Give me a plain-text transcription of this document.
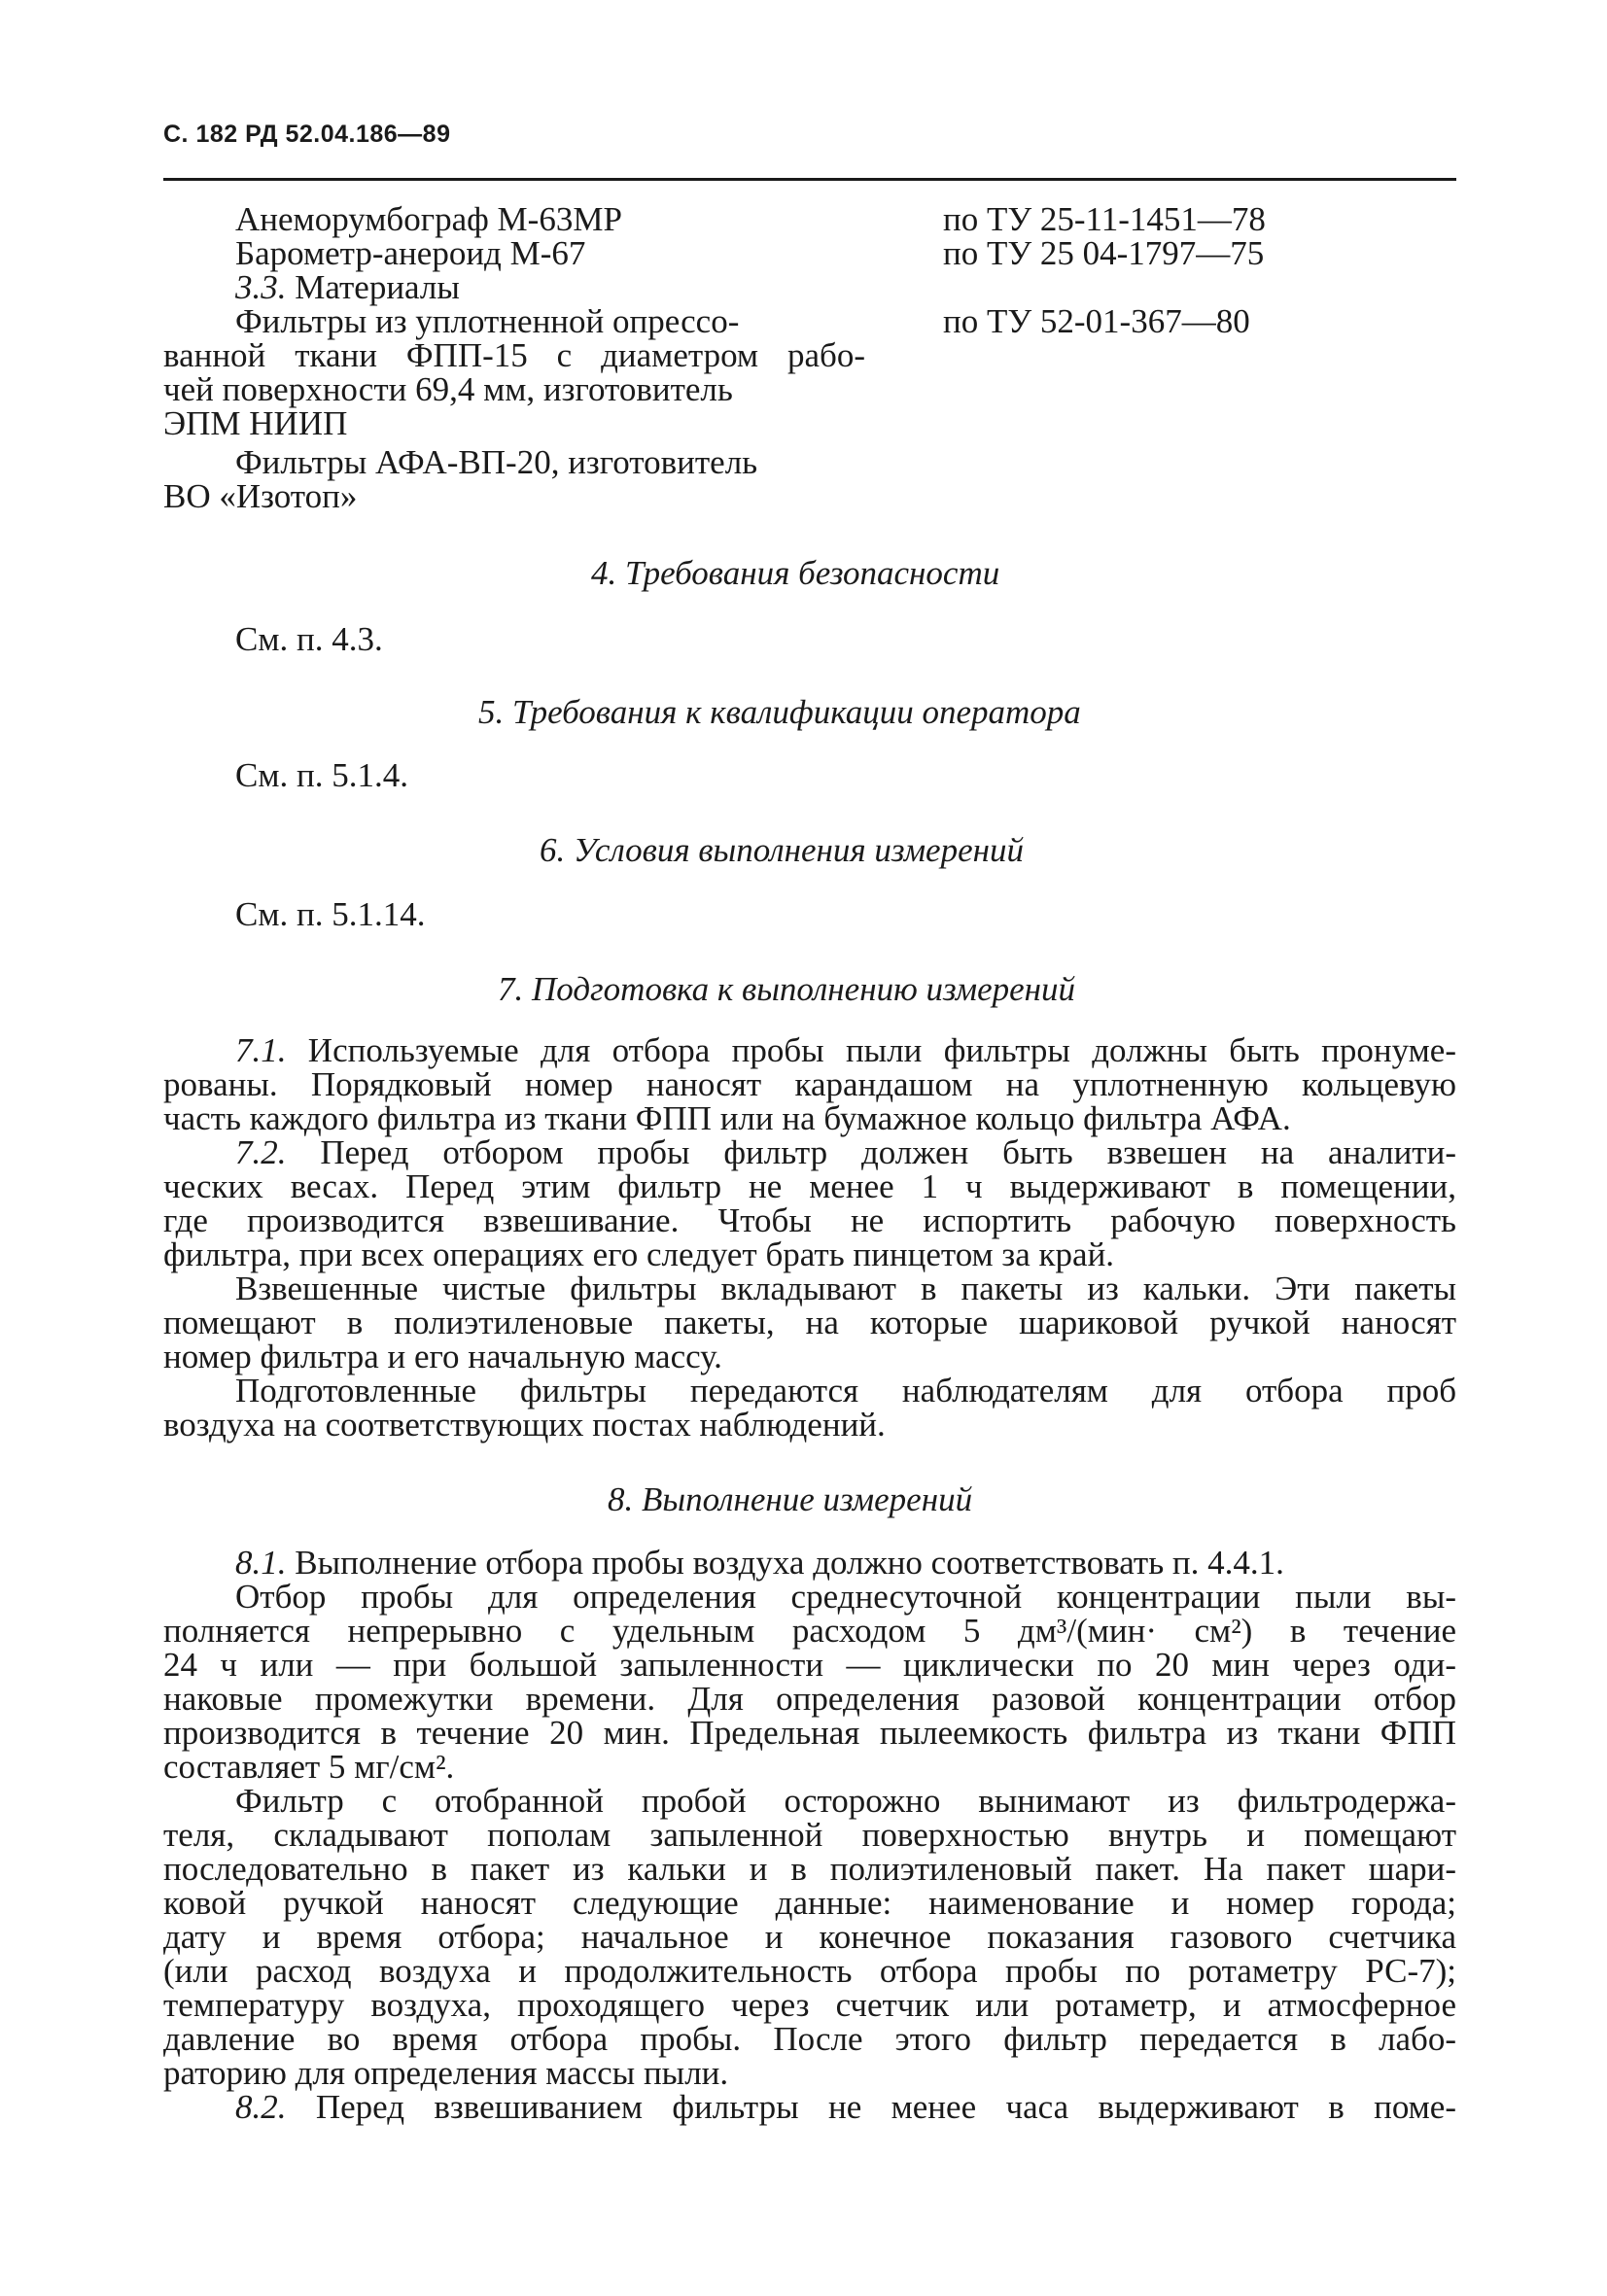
С. 182 РД 52.04.186—89
Анеморумбограф М-63МР	по ТУ 25-11-1451—78
Барометр-анероид М-67	по ТУ 25 04-1797—75
3.3. Материалы
Фильтры из уплотненной опрессо-	по ТУ 52-01-367—80
ванной ткани ФПП-15 с диаметром рабо-
чей поверхности 69,4 мм, изготовитель
ЭПМ НИИП
Фильтры АФА-ВП-20, изготовитель
ВО «Изотоп»
4. Требования безопасности
См. п. 4.3.
5. Требования к квалификации оператора
См. п. 5.1.4.
6. Условия выполнения измерений
См. п. 5.1.14.
7. Подготовка к выполнению измерений
7.1. Используемые для отбора пробы пыли фильтры должны быть пронуме-
рованы. Порядковый номер наносят карандашом на уплотненную кольцевую
часть каждого фильтра из ткани ФПП или на бумажное кольцо фильтра АФА.
7.2. Перед отбором пробы фильтр должен быть взвешен на аналити-
ческих весах. Перед этим фильтр не менее 1 ч выдерживают в помещении,
где производится взвешивание. Чтобы не испортить рабочую поверхность
фильтра, при всех операциях его следует брать пинцетом за край.
Взвешенные чистые фильтры вкладывают в пакеты из кальки. Эти пакеты
помещают в полиэтиленовые пакеты, на которые шариковой ручкой наносят
номер фильтра и его начальную массу.
Подготовленные фильтры передаются наблюдателям для отбора проб
воздуха на соответствующих постах наблюдений.
8. Выполнение измерений
8.1. Выполнение отбора пробы воздуха должно соответствовать п. 4.4.1.
Отбор пробы для определения среднесуточной концентрации пыли вы-
полняется непрерывно с удельным расходом 5 дм³/(мин· см²) в течение
24 ч или — при большой запыленности — циклически по 20 мин через оди-
наковые промежутки времени. Для определения разовой концентрации отбор
производится в течение 20 мин. Предельная пылеемкость фильтра из ткани ФПП
составляет 5 мг/см².
Фильтр с отобранной пробой осторожно вынимают из фильтродержа-
теля, складывают пополам запыленной поверхностью внутрь и помещают
последовательно в пакет из кальки и в полиэтиленовый пакет. На пакет шари-
ковой ручкой наносят следующие данные: наименование и номер города;
дату и время отбора; начальное и конечное показания газового счетчика
(или расход воздуха и продолжительность отбора пробы по ротаметру РС-7);
температуру воздуха, проходящего через счетчик или ротаметр, и атмосферное
давление во время отбора пробы. После этого фильтр передается в лабо-
раторию для определения массы пыли.
8.2. Перед взвешиванием фильтры не менее часа выдерживают в поме-
